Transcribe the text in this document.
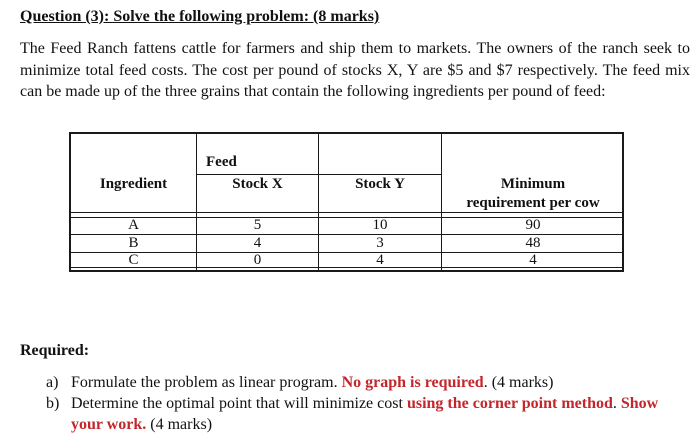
Question (3): Solve the following problem: (8 marks)
The Feed Ranch fattens cattle for farmers and ship them to markets. The owners of the ranch seek to minimize total feed costs. The cost per pound of stocks X, Y are $5 and $7 respectively. The feed mix can be made up of the three grains that contain the following ingredients per pound of feed:
Ingredient
Feed
Stock X	Stock Y	Minimum
requirement per cow
A	5	10	90
B	4	3	48
C	0	4	4
Required:
a) Formulate the problem as linear program. No graph is required. (4 marks)
b) Determine the optimal point that will minimize cost using the corner point method. Show your work. (4 marks)
